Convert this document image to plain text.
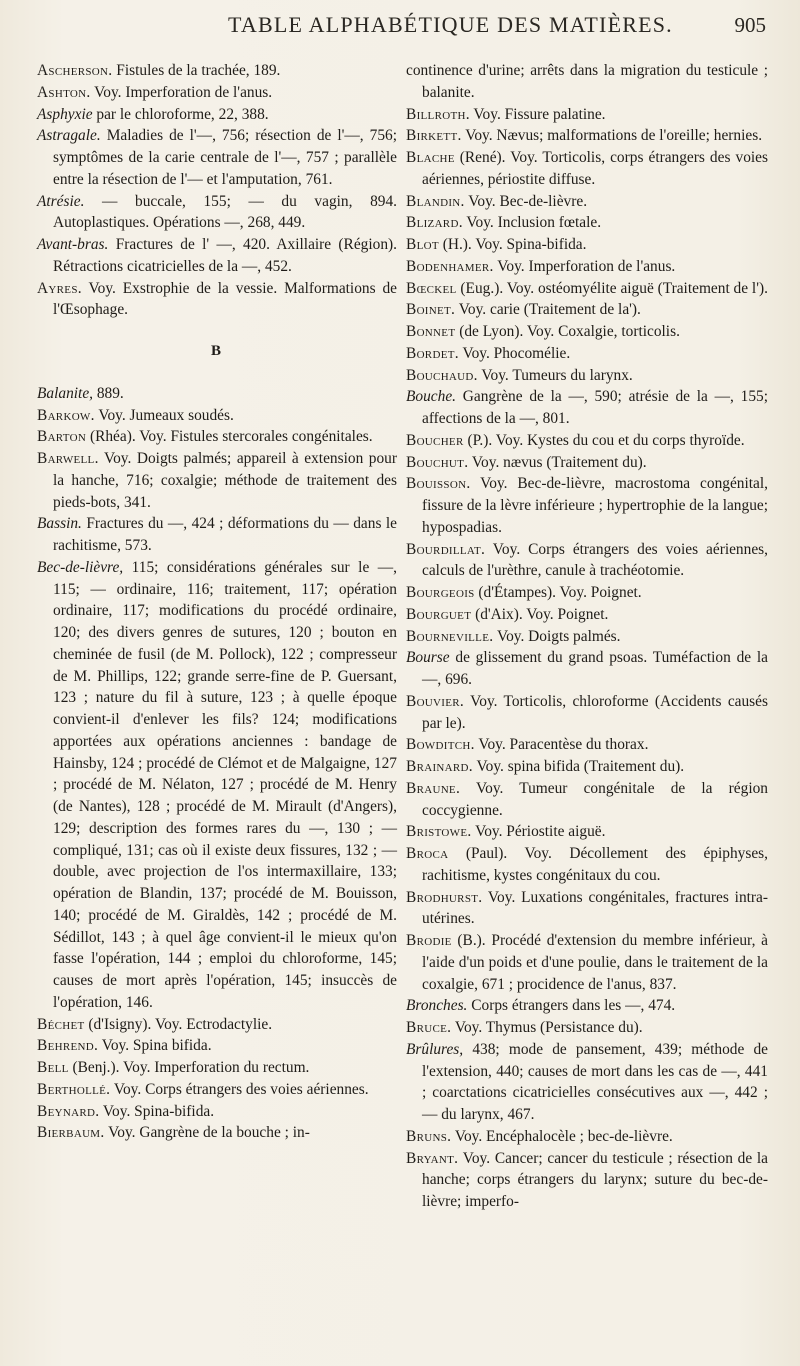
TABLE ALPHABÉTIQUE DES MATIÈRES.	905

Ascherson. Fistules de la trachée, 189.

Ashton. Voy. Imperforation de l'anus.

Asphyxie par le chloroforme, 22, 388.

Astragale. Maladies de l'—, 756; résection de l'—, 756; symptômes de la carie centrale de l'—, 757 ; parallèle entre la résection de l'— et l'amputation, 761.

Atrésie. — buccale, 155; — du vagin, 894. Autoplastiques. Opérations —, 268, 449.

Avant-bras. Fractures de l' —, 420. Axillaire (Région). Rétractions cicatricielles de la —, 452.

Ayres. Voy. Exstrophie de la vessie. Malformations de l'Œsophage.

B

Balanite, 889.

Barkow. Voy. Jumeaux soudés.

Barton (Rhéa). Voy. Fistules stercorales congénitales.

Barwell. Voy. Doigts palmés; appareil à extension pour la hanche, 716; coxalgie; méthode de traitement des pieds-bots, 341.

Bassin. Fractures du —, 424 ; déformations du — dans le rachitisme, 573.

Bec-de-lièvre, 115; considérations générales sur le —, 115; — ordinaire, 116; traitement, 117; opération ordinaire, 117; modifications du procédé ordinaire, 120; des divers genres de sutures, 120 ; bouton en cheminée de fusil (de M. Pollock), 122 ; compresseur de M. Phillips, 122; grande serre-fine de P. Guersant, 123 ; nature du fil à suture, 123 ; à quelle époque convient-il d'enlever les fils? 124; modifications apportées aux opérations anciennes : bandage de Hainsby, 124 ; procédé de Clémot et de Malgaigne, 127 ; procédé de M. Nélaton, 127 ; procédé de M. Henry (de Nantes), 128 ; procédé de M. Mirault (d'Angers), 129; description des formes rares du —, 130 ; — compliqué, 131; cas où il existe deux fissures, 132 ; — double, avec projection de l'os intermaxillaire, 133; opération de Blandin, 137; procédé de M. Bouisson, 140; procédé de M. Giraldès, 142 ; procédé de M. Sédillot, 143 ; à quel âge convient-il le mieux qu'on fasse l'opération, 144 ; emploi du chloroforme, 145; causes de mort après l'opération, 145; insuccès de l'opération, 146.

Béchet (d'Isigny). Voy. Ectrodactylie.

Behrend. Voy. Spina bifida.

Bell (Benj.). Voy. Imperforation du rectum.

Berthollé. Voy. Corps étrangers des voies aériennes.

Beynard. Voy. Spina-bifida.

Bierbaum. Voy. Gangrène de la bouche ; in-

continence d'urine; arrêts dans la migration du testicule ; balanite.

Billroth. Voy. Fissure palatine.

Birkett. Voy. Nævus; malformations de l'oreille; hernies.

Blache (René). Voy. Torticolis, corps étrangers des voies aériennes, périostite diffuse.

Blandin. Voy. Bec-de-lièvre.

Blizard. Voy. Inclusion fœtale.

Blot (H.). Voy. Spina-bifida.

Bodenhamer. Voy. Imperforation de l'anus.

Bœckel (Eug.). Voy. ostéomyélite aiguë (Traitement de l').

Boinet. Voy. carie (Traitement de la').

Bonnet (de Lyon). Voy. Coxalgie, torticolis.

Bordet. Voy. Phocomélie.

Bouchaud. Voy. Tumeurs du larynx.

Bouche. Gangrène de la —, 590; atrésie de la —, 155; affections de la —, 801.

Boucher (P.). Voy. Kystes du cou et du corps thyroïde.

Bouchut. Voy. nævus (Traitement du).

Bouisson. Voy. Bec-de-lièvre, macrostoma congénital, fissure de la lèvre inférieure ; hypertrophie de la langue; hypospadias.

Bourdillat. Voy. Corps étrangers des voies aériennes, calculs de l'urèthre, canule à trachéotomie.

Bourgeois (d'Étampes). Voy. Poignet.

Bourguet (d'Aix). Voy. Poignet.

Bourneville. Voy. Doigts palmés.

Bourse de glissement du grand psoas. Tuméfaction de la —, 696.

Bouvier. Voy. Torticolis, chloroforme (Accidents causés par le).

Bowditch. Voy. Paracentèse du thorax.

Brainard. Voy. spina bifida (Traitement du).

Braune. Voy. Tumeur congénitale de la région coccygienne.

Bristowe. Voy. Périostite aiguë.

Broca (Paul). Voy. Décollement des épiphyses, rachitisme, kystes congénitaux du cou.

Brodhurst. Voy. Luxations congénitales, fractures intra-utérines.

Brodie (B.). Procédé d'extension du membre inférieur, à l'aide d'un poids et d'une poulie, dans le traitement de la coxalgie, 671 ; procidence de l'anus, 837.

Bronches. Corps étrangers dans les —, 474.

Bruce. Voy. Thymus (Persistance du).

Brûlures, 438; mode de pansement, 439; méthode de l'extension, 440; causes de mort dans les cas de —, 441 ; coarctations cicatricielles consécutives aux —, 442 ; — du larynx, 467.

Bruns. Voy. Encéphalocèle ; bec-de-lièvre.

Bryant. Voy. Cancer; cancer du testicule ; résection de la hanche; corps étrangers du larynx; suture du bec-de-lièvre; imperfo-
